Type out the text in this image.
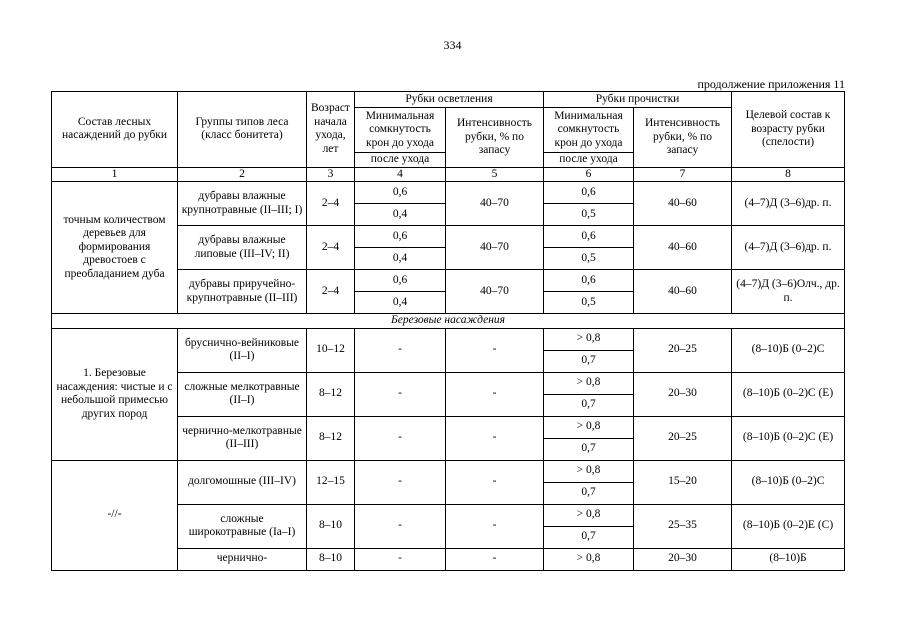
334
продолжение приложения 11
Состав лесных насаждений до рубки	Группы типов леса (класс бонитета)	Возраст начала ухода, лет	Рубки осветления		Рубки прочистки		Целевой состав к возрасту рубки (спелости)
			Минимальная сомкнутость крон до ухода	Интенсивность рубки, % по запасу	Минимальная сомкнутость крон до ухода	Интенсивность рубки, % по запасу	
			после ухода		после ухода		
1	2	3	4	5	6	7	8
точным количеством деревьев для формирования древостоев с преобладанием дуба	дубравы влажные крупнотравные (II–III; I)	2–4	0,6	40–70	0,6	40–60	(4–7)Д (3–6)др. п.
			0,4		0,5		
	дубравы влажные липовые (III–IV; II)	2–4	0,6	40–70	0,6	40–60	(4–7)Д (3–6)др. п.
			0,4		0,5		
	дубравы приручейно-крупнотравные (II–III)	2–4	0,6	40–70	0,6	40–60	(4–7)Д (3–6)Олч., др. п.
			0,4		0,5		
Березовые насаждения							
1. Березовые насаждения: чистые и с небольшой примесью других пород	бруснично-вейниковые (II–I)	10–12	-	-	> 0,8	20–25	(8–10)Б (0–2)С
					0,7		
	сложные мелкотравные (II–I)	8–12	-	-	> 0,8	20–30	(8–10)Б (0–2)С (Е)
					0,7		
	чернично-мелкотравные (II–III)	8–12	-	-	> 0,8	20–25	(8–10)Б (0–2)С (Е)
					0,7		
-//-	долгомошные (III–IV)	12–15	-	-	> 0,8	15–20	(8–10)Б (0–2)С
					0,7		
	сложные широкотравные (Ia–I)	8–10	-	-	> 0,8	25–35	(8–10)Б (0–2)Е (С)
					0,7		
	чернично-	8–10	-	-	> 0,8	20–30	(8–10)Б
